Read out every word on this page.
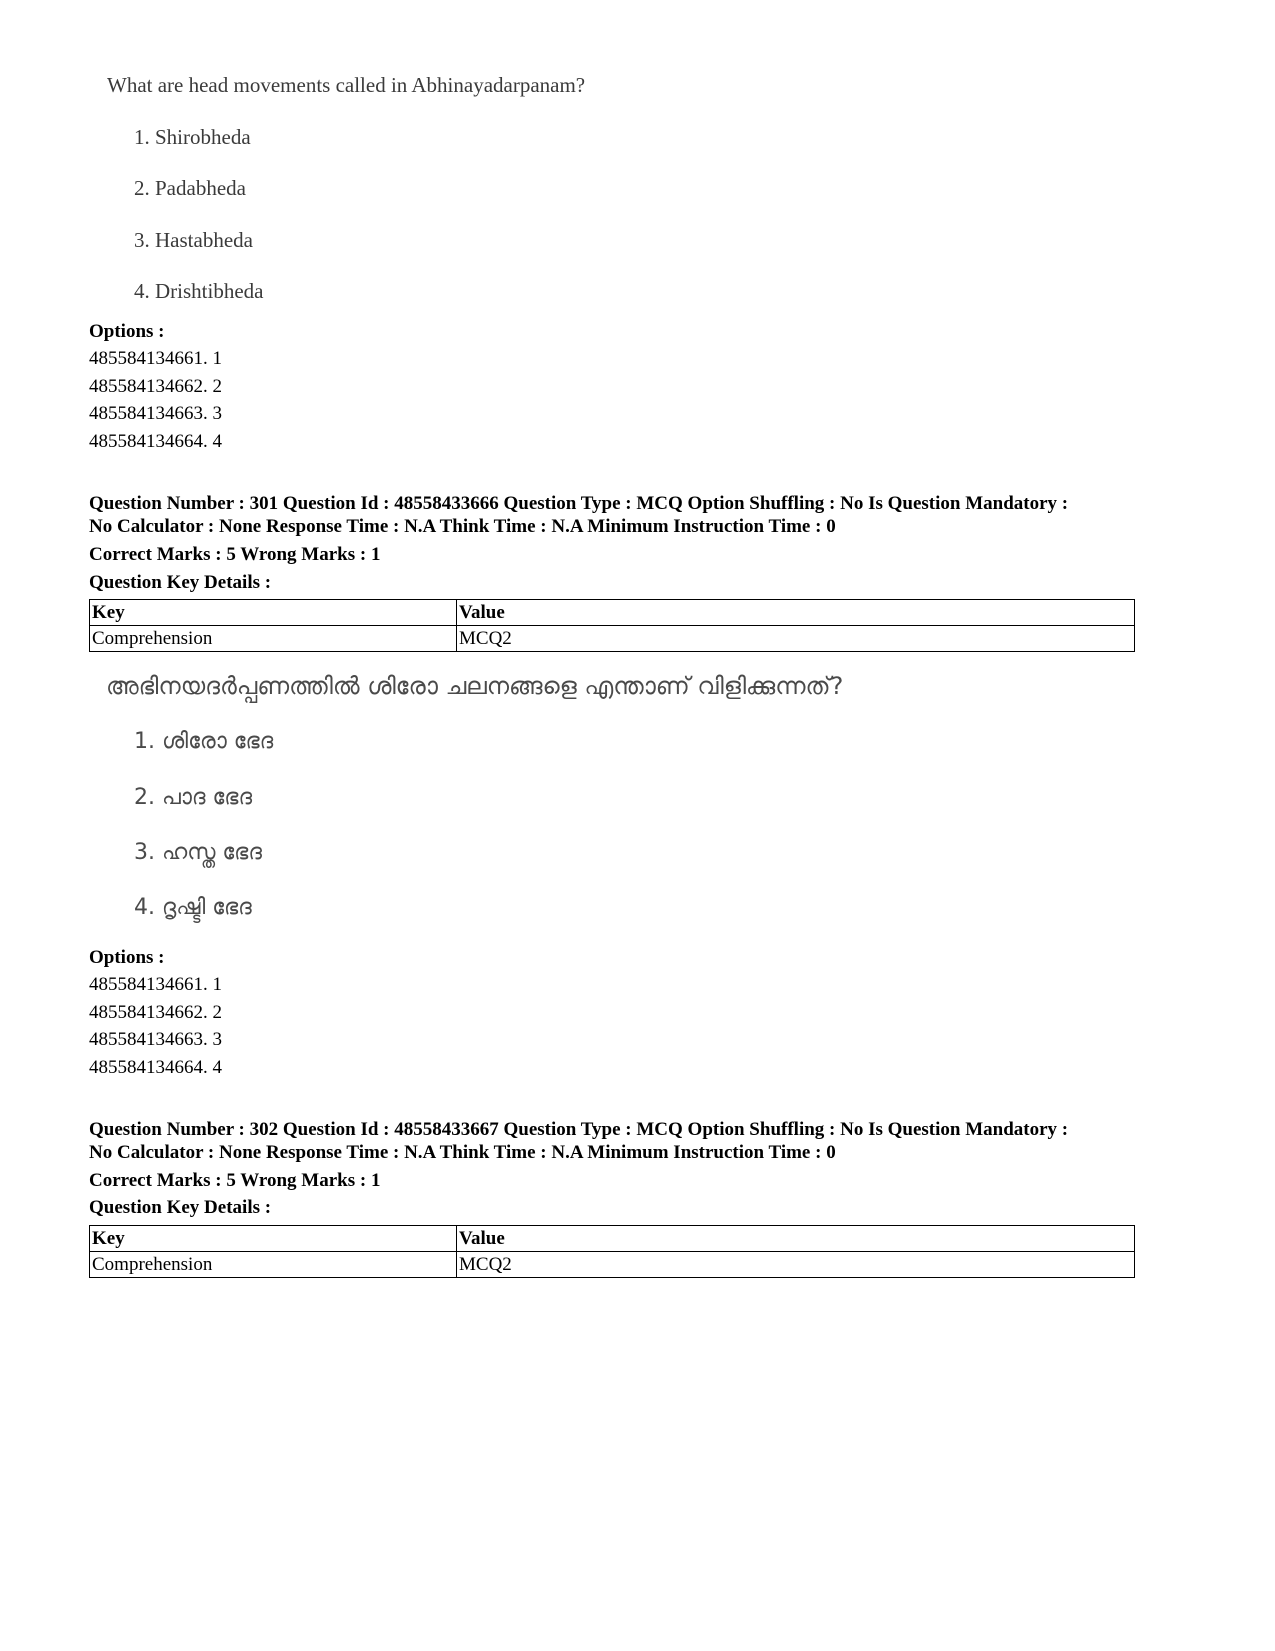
What are head movements called in Abhinayadarpanam?
1. Shirobheda
2. Padabheda
3. Hastabheda
4. Drishtibheda
Options :
485584134661. 1
485584134662. 2
485584134663. 3
485584134664. 4
Question Number : 301 Question Id : 48558433666 Question Type : MCQ Option Shuffling : No Is Question Mandatory :
No Calculator : None Response Time : N.A Think Time : N.A Minimum Instruction Time : 0
Correct Marks : 5 Wrong Marks : 1
Question Key Details :
Key	Value
Comprehension	MCQ2
അഭിനയദർപ്പണത്തിൽ ശിരോ ചലനങ്ങളെ എന്താണ് വിളിക്കുന്നത്?
1. ശിരോ ഭേദ
2. പാദ ഭേദ
3. ഹസ്ത ഭേദ
4. ദൃഷ്ടി ഭേദ
Options :
485584134661. 1
485584134662. 2
485584134663. 3
485584134664. 4
Question Number : 302 Question Id : 48558433667 Question Type : MCQ Option Shuffling : No Is Question Mandatory :
No Calculator : None Response Time : N.A Think Time : N.A Minimum Instruction Time : 0
Correct Marks : 5 Wrong Marks : 1
Question Key Details :
Key	Value
Comprehension	MCQ2
